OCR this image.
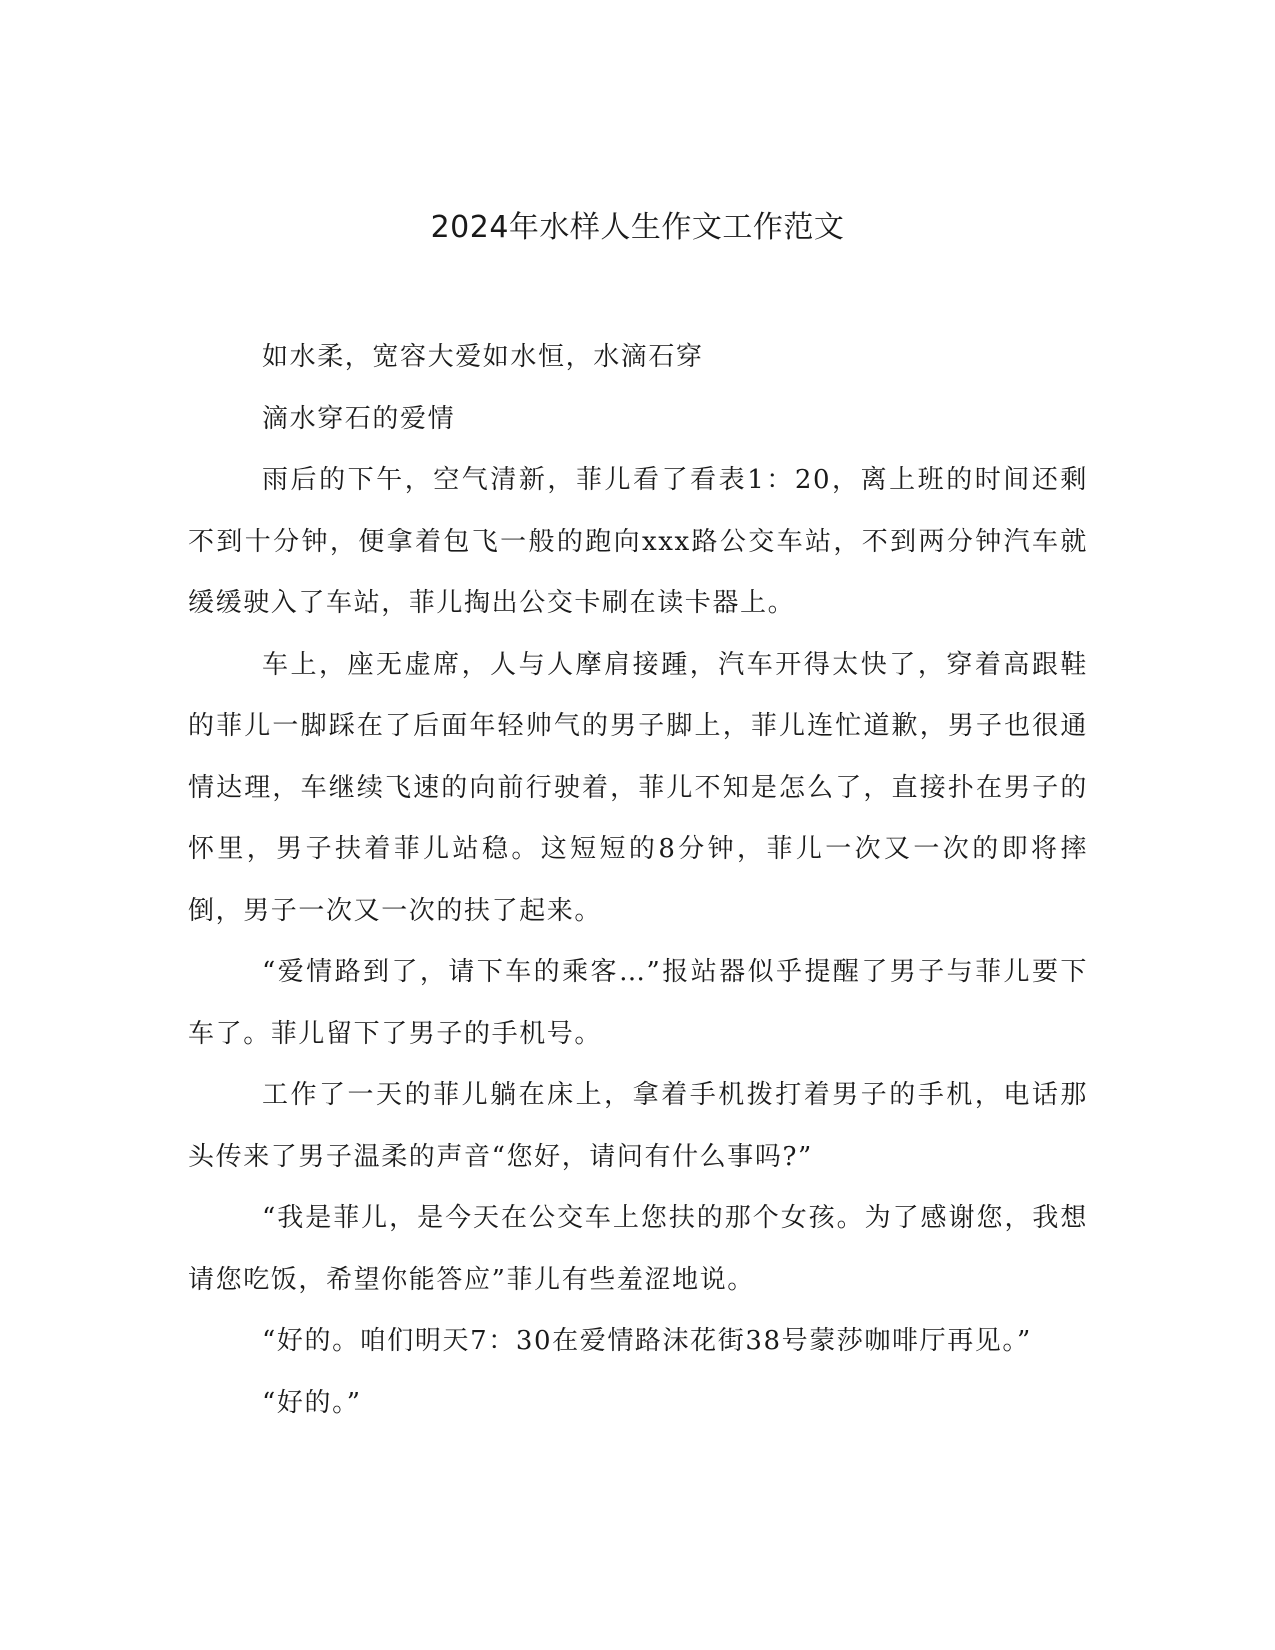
2024年水样人生作文工作范文

如水柔，宽容大爱如水恒，水滴石穿

滴水穿石的爱情

雨后的下午，空气清新，菲儿看了看表1：20，离上班的时间还剩不到十分钟，便拿着包飞一般的跑向xxx路公交车站，不到两分钟汽车就缓缓驶入了车站，菲儿掏出公交卡刷在读卡器上。

车上，座无虚席，人与人摩肩接踵，汽车开得太快了，穿着高跟鞋的菲儿一脚踩在了后面年轻帅气的男子脚上，菲儿连忙道歉，男子也很通情达理，车继续飞速的向前行驶着，菲儿不知是怎么了，直接扑在男子的怀里，男子扶着菲儿站稳。这短短的8分钟，菲儿一次又一次的即将摔倒，男子一次又一次的扶了起来。

“爱情路到了，请下车的乘客…”报站器似乎提醒了男子与菲儿要下车了。菲儿留下了男子的手机号。

工作了一天的菲儿躺在床上，拿着手机拨打着男子的手机，电话那头传来了男子温柔的声音“您好，请问有什么事吗?”

“我是菲儿，是今天在公交车上您扶的那个女孩。为了感谢您，我想请您吃饭，希望你能答应”菲儿有些羞涩地说。

“好的。咱们明天7：30在爱情路沫花街38号蒙莎咖啡厅再见。”

“好的。”
